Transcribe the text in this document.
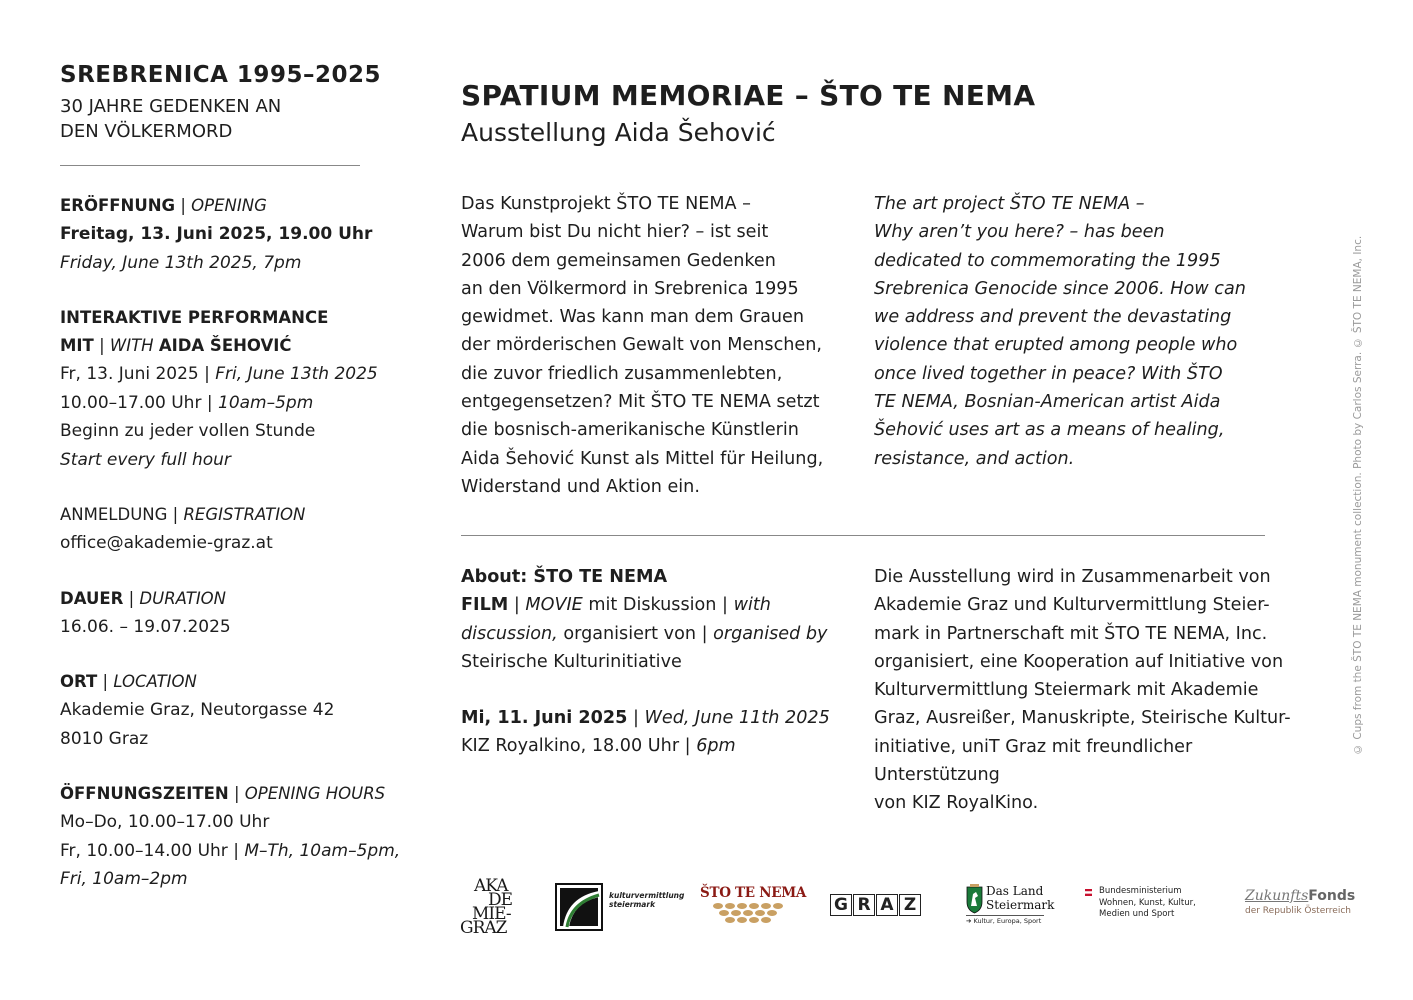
SREBRENICA 1995–2025
30 JAHRE GEDENKEN AN
DEN VÖLKERMORD
ERÖFFNUNG | OPENING
Freitag, 13. Juni 2025, 19.00 Uhr
Friday, June 13th 2025, 7pm
INTERAKTIVE PERFORMANCE
MIT | WITH AIDA ŠEHOVIĆ
Fr, 13. Juni 2025 | Fri, June 13th 2025
10.00–17.00 Uhr | 10am–5pm
Beginn zu jeder vollen Stunde
Start every full hour
ANMELDUNG | REGISTRATION
office@akademie-graz.at
DAUER | DURATION
16.06. – 19.07.2025
ORT | LOCATION
Akademie Graz, Neutorgasse 42
8010 Graz
ÖFFNUNGSZEITEN | OPENING HOURS
Mo–Do, 10.00–17.00 Uhr
Fr, 10.00–14.00 Uhr | M–Th, 10am–5pm,
Fri, 10am–2pm
SPATIUM MEMORIAE – ŠTO TE NEMA
Ausstellung Aida Šehović
Das Kunstprojekt ŠTO TE NEMA –
Warum bist Du nicht hier? – ist seit
2006 dem gemeinsamen Gedenken
an den Völkermord in Srebrenica 1995
gewidmet. Was kann man dem Grauen
der mörderischen Gewalt von Menschen,
die zuvor friedlich zusammenlebten,
entgegensetzen? Mit ŠTO TE NEMA setzt
die bosnisch-amerikanische Künstlerin
Aida Šehović Kunst als Mittel für Heilung,
Widerstand und Aktion ein.
The art project ŠTO TE NEMA –
Why aren’t you here? – has been
dedicated to commemorating the 1995
Srebrenica Genocide since 2006. How can
we address and prevent the devastating
violence that erupted among people who
once lived together in peace? With ŠTO
TE NEMA, Bosnian-American artist Aida
Šehović uses art as a means of healing,
resistance, and action.
About: ŠTO TE NEMA
FILM | MOVIE mit Diskussion | with discussion, organisiert von | organised by
Steirische Kulturinitiative
Mi, 11. Juni 2025 | Wed, June 11th 2025
KIZ Royalkino, 18.00 Uhr | 6pm
Die Ausstellung wird in Zusammenarbeit von
Akademie Graz und Kulturvermittlung Steier-
mark in Partnerschaft mit ŠTO TE NEMA, Inc.
organisiert, eine Kooperation auf Initiative von
Kulturvermittlung Steiermark mit Akademie
Graz, Ausreißer, Manuskripte, Steirische Kultur-
initiative, uniT Graz mit freundlicher Unterstützung
von KIZ RoyalKino.
© Cups from the ŠTO TE NEMA monument collection. Photo by Carlos Serra. © ŠTO TE NEMA, Inc.
AKA
DE
MIE-
GRAZ
kulturvermittlung
steiermark
ŠTO TE NEMA
G R A Z
Das Land
Steiermark
➔ Kultur, Europa, Sport
Bundesministerium
Wohnen, Kunst, Kultur,
Medien und Sport
ZukunftsFonds
der Republik Österreich
